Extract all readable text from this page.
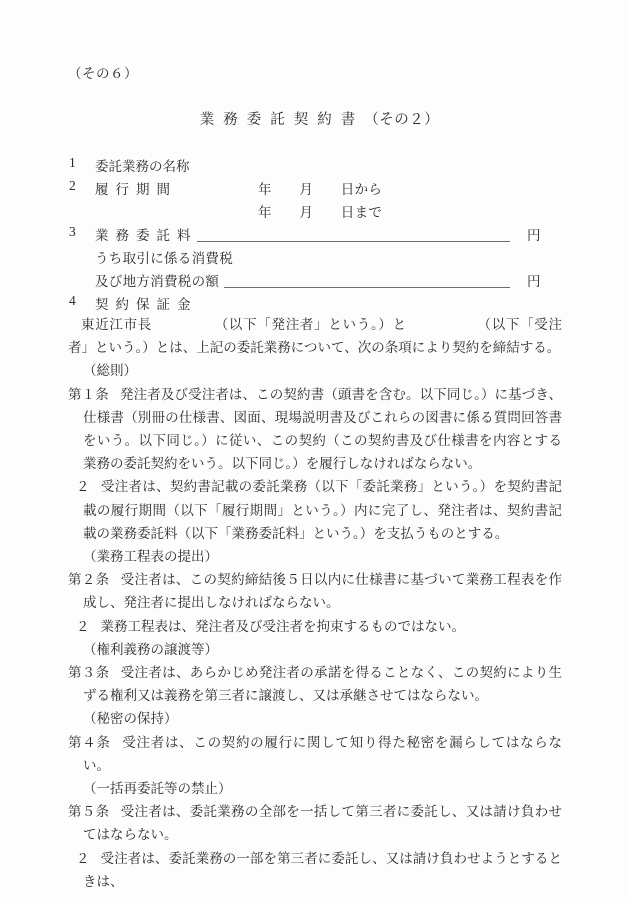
（その６）
業務委託契約書（その２）
1 委託業務の名称
2 履行期間	年　　月　　日から
年　　月　　日まで
3 業務委託料	円
うち取引に係る消費税
及び地方消費税の額	円
4 契約保証金

東近江市長	（以下「発注者」という。）と	（以下「受注者」という。）とは、上記の委託業務について、次の条項により契約を締結する。

（総則）

第１条 発注者及び受注者は、この契約書（頭書を含む。以下同じ。）に基づき、仕様書（別冊の仕様書、図面、現場説明書及びこれらの図書に係る質問回答書をいう。以下同じ。）に従い、この契約（この契約書及び仕様書を内容とする業務の委託契約をいう。以下同じ。）を履行しなければならない。

２ 受注者は、契約書記載の委託業務（以下「委託業務」という。）を契約書記載の履行期間（以下「履行期間」という。）内に完了し、発注者は、契約書記載の業務委託料（以下「業務委託料」という。）を支払うものとする。

（業務工程表の提出）

第２条 受注者は、この契約締結後５日以内に仕様書に基づいて業務工程表を作成し、発注者に提出しなければならない。

２ 業務工程表は、発注者及び受注者を拘束するものではない。

（権利義務の譲渡等）

第３条 受注者は、あらかじめ発注者の承諾を得ることなく、この契約により生ずる権利又は義務を第三者に譲渡し、又は承継させてはならない。

（秘密の保持）

第４条 受注者は、この契約の履行に関して知り得た秘密を漏らしてはならない。

（一括再委託等の禁止）

第５条 受注者は、委託業務の全部を一括して第三者に委託し、又は請け負わせてはならない。

２ 受注者は、委託業務の一部を第三者に委託し、又は請け負わせようとするときは、
